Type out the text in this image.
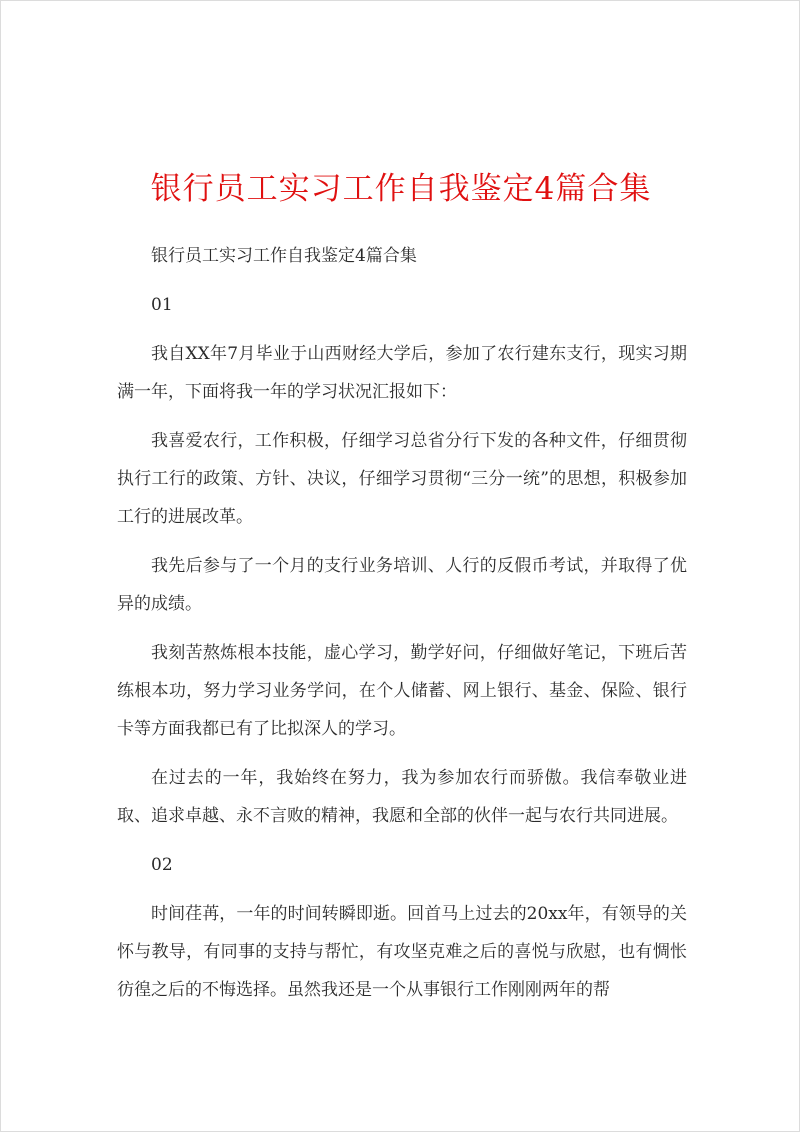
银行员工实习工作自我鉴定4篇合集

银行员工实习工作自我鉴定4篇合集

01

我自XX年7月毕业于山西财经大学后，参加了农行建东支行，现实习期满一年，下面将我一年的学习状况汇报如下：

我喜爱农行，工作积极，仔细学习总省分行下发的各种文件，仔细贯彻执行工行的政策、方针、决议，仔细学习贯彻“三分一统”的思想，积极参加工行的进展改革。

我先后参与了一个月的支行业务培训、人行的反假币考试，并取得了优异的成绩。

我刻苦熬炼根本技能，虚心学习，勤学好问，仔细做好笔记，下班后苦练根本功，努力学习业务学问，在个人储蓄、网上银行、基金、保险、银行卡等方面我都已有了比拟深人的学习。

在过去的一年，我始终在努力，我为参加农行而骄傲。我信奉敬业进取、追求卓越、永不言败的精神，我愿和全部的伙伴一起与农行共同进展。

02

时间荏苒，一年的时间转瞬即逝。回首马上过去的20xx年，有领导的关怀与教导，有同事的支持与帮忙，有攻坚克难之后的喜悦与欣慰，也有惆怅彷徨之后的不悔选择。虽然我还是一个从事银行工作刚刚两年的帮
